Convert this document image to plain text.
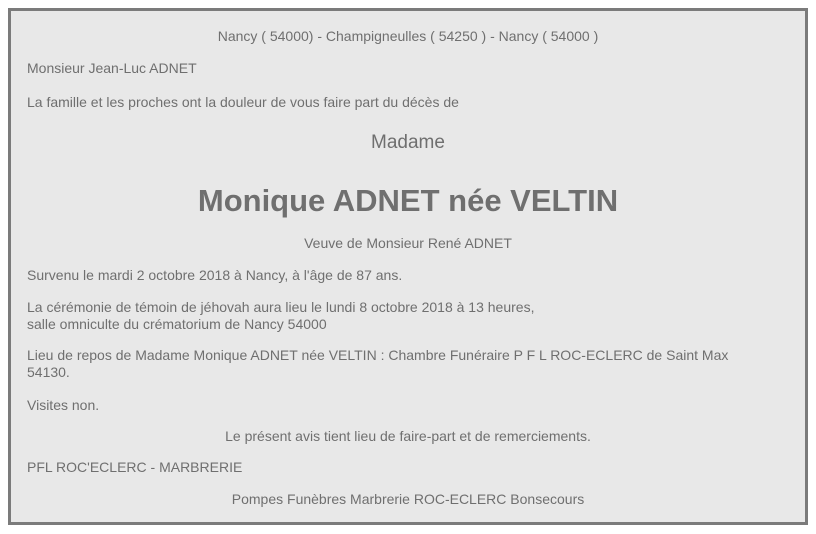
Nancy ( 54000) - Champigneulles ( 54250 ) - Nancy ( 54000 )
Monsieur Jean-Luc ADNET
La famille et les proches ont la douleur de vous faire part du décès de
Madame
Monique ADNET née VELTIN
Veuve de Monsieur René ADNET
Survenu le mardi 2 octobre 2018 à Nancy, à l'âge de 87 ans.
La cérémonie de témoin de jéhovah aura lieu le lundi 8 octobre 2018 à 13 heures,
salle omniculte du crématorium de Nancy 54000
Lieu de repos de Madame Monique ADNET née VELTIN : Chambre Funéraire P F L ROC-ECLERC de Saint Max
54130.
Visites non.
Le présent avis tient lieu de faire-part et de remerciements.
PFL ROC'ECLERC - MARBRERIE
Pompes Funèbres Marbrerie ROC-ECLERC Bonsecours
